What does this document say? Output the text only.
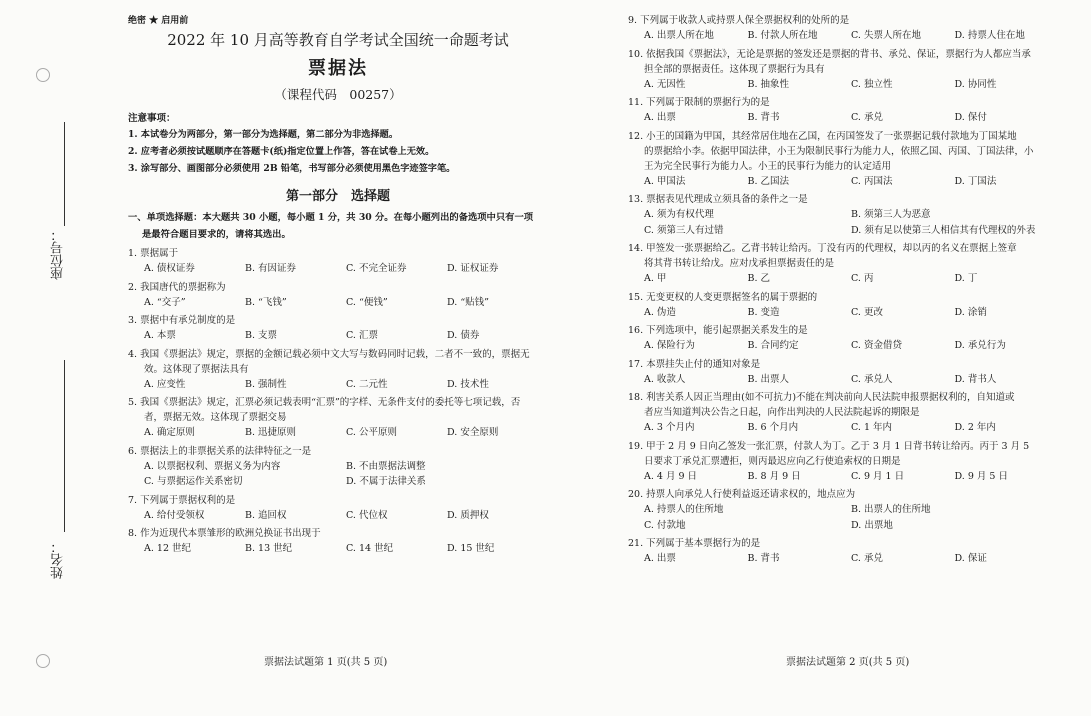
座位号：
姓名：
绝密 ★ 启用前
2022 年 10 月高等教育自学考试全国统一命题考试
票据法
（课程代码　00257）
注意事项：
1. 本试卷分为两部分，第一部分为选择题，第二部分为非选择题。
2. 应考者必须按试题顺序在答题卡(纸)指定位置上作答，答在试卷上无效。
3. 涂写部分、画图部分必须使用 2B 铅笔，书写部分必须使用黑色字迹签字笔。
第一部分　选择题
一、单项选择题：本大题共 30 小题，每小题 1 分，共 30 分。在每小题列出的备选项中只有一项
是最符合题目要求的，请将其选出。
1. 票据属于
A. 债权证券	B. 有因证券	C. 不完全证券	D. 证权证券
2. 我国唐代的票据称为
A. “交子”	B. “飞钱”	C. “便钱”	D. “贴钱”
3. 票据中有承兑制度的是
A. 本票	B. 支票	C. 汇票	D. 债券
4. 我国《票据法》规定，票据的金额记载必须中文大写与数码同时记载，二者不一致的，票据无
效。这体现了票据法具有
A. 应变性	B. 强制性	C. 二元性	D. 技术性
5. 我国《票据法》规定，汇票必须记载表明“汇票”的字样、无条件支付的委托等七项记载，否
者，票据无效。这体现了票据交易
A. 确定原则	B. 迅捷原则	C. 公平原则	D. 安全原则
6. 票据法上的非票据关系的法律特征之一是
A. 以票据权利、票据义务为内容	B. 不由票据法调整
C. 与票据运作关系密切	D. 不属于法律关系
7. 下列属于票据权利的是
A. 给付受领权	B. 追回权	C. 代位权	D. 质押权
8. 作为近现代本票雏形的欧洲兑换证书出现于
A. 12 世纪	B. 13 世纪	C. 14 世纪	D. 15 世纪
9. 下列属于收款人或持票人保全票据权利的处所的是
A. 出票人所在地	B. 付款人所在地	C. 失票人所在地	D. 持票人住在地
10. 依据我国《票据法》，无论是票据的签发还是票据的背书、承兑、保证，票据行为人都应当承
担全部的票据责任。这体现了票据行为具有
A. 无因性	B. 抽象性	C. 独立性	D. 协同性
11. 下列属于限制的票据行为的是
A. 出票	B. 背书	C. 承兑	D. 保付
12. 小王的国籍为甲国，其经常居住地在乙国，在丙国签发了一张票据记载付款地为丁国某地
的票据给小李。依据甲国法律，小王为限制民事行为能力人，依照乙国、丙国、丁国法律，小
王为完全民事行为能力人。小王的民事行为能力的认定适用
A. 甲国法	B. 乙国法	C. 丙国法	D. 丁国法
13. 票据表见代理成立须具备的条件之一是
A. 须为有权代理	B. 须第三人为恶意
C. 须第三人有过错	D. 须有足以使第三人相信其有代理权的外表
14. 甲签发一张票据给乙。乙背书转让给丙。丁没有丙的代理权，却以丙的名义在票据上签章
将其背书转让给戊。应对戊承担票据责任的是
A. 甲	B. 乙	C. 丙	D. 丁
15. 无变更权的人变更票据签名的属于票据的
A. 伪造	B. 变造	C. 更改	D. 涂销
16. 下列选项中，能引起票据关系发生的是
A. 保险行为	B. 合同约定	C. 资金借贷	D. 承兑行为
17. 本票挂失止付的通知对象是
A. 收款人	B. 出票人	C. 承兑人	D. 背书人
18. 利害关系人因正当理由(如不可抗力)不能在判决前向人民法院申报票据权利的，自知道或
者应当知道判决公告之日起，向作出判决的人民法院起诉的期限是
A. 3 个月内	B. 6 个月内	C. 1 年内	D. 2 年内
19. 甲于 2 月 9 日向乙签发一张汇票，付款人为丁。乙于 3 月 1 日背书转让给丙。丙于 3 月 5
日要求丁承兑汇票遭拒，则丙最迟应向乙行使追索权的日期是
A. 4 月 9 日	B. 8 月 9 日	C. 9 月 1 日	D. 9 月 5 日
20. 持票人向承兑人行使利益返还请求权的，地点应为
A. 持票人的住所地	B. 出票人的住所地
C. 付款地	D. 出票地
21. 下列属于基本票据行为的是
A. 出票	B. 背书	C. 承兑	D. 保证
票据法试题第 1 页(共 5 页)	票据法试题第 2 页(共 5 页)
